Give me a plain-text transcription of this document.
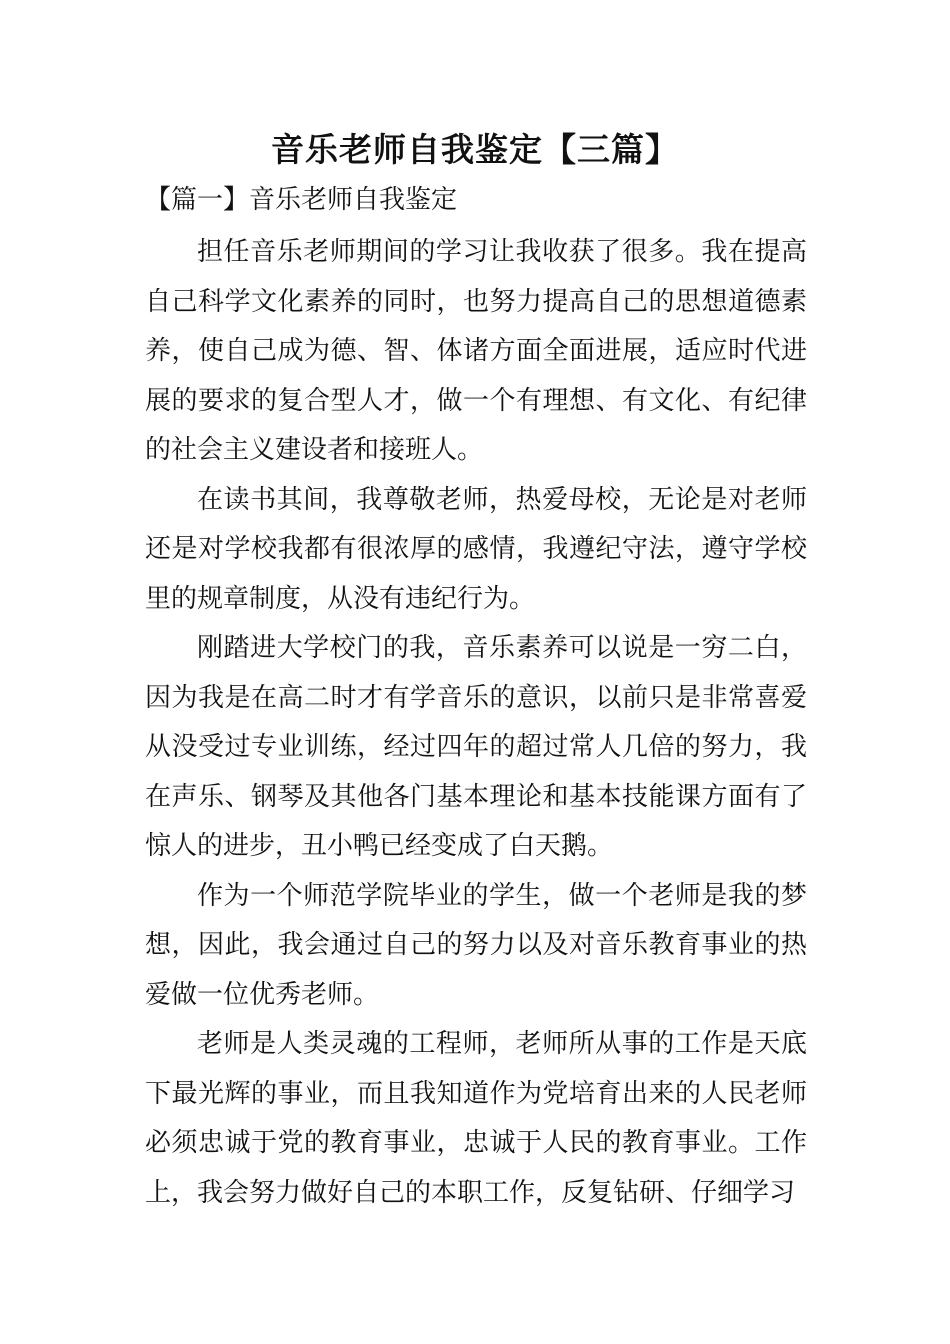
音乐老师自我鉴定【三篇】
【篇一】音乐老师自我鉴定

担任音乐老师期间的学习让我收获了很多。我在提高自己科学文化素养的同时，也努力提高自己的思想道德素养，使自己成为德、智、体诸方面全面进展，适应时代进展的要求的复合型人才，做一个有理想、有文化、有纪律的社会主义建设者和接班人。

在读书其间，我尊敬老师，热爱母校，无论是对老师还是对学校我都有很浓厚的感情，我遵纪守法，遵守学校里的规章制度，从没有违纪行为。

刚踏进大学校门的我，音乐素养可以说是一穷二白，因为我是在高二时才有学音乐的意识，以前只是非常喜爱从没受过专业训练，经过四年的超过常人几倍的努力，我在声乐、钢琴及其他各门基本理论和基本技能课方面有了惊人的进步，丑小鸭已经变成了白天鹅。

作为一个师范学院毕业的学生，做一个老师是我的梦想，因此，我会通过自己的努力以及对音乐教育事业的热爱做一位优秀老师。

老师是人类灵魂的工程师，老师所从事的工作是天底下最光辉的事业，而且我知道作为党培育出来的人民老师必须忠诚于党的教育事业，忠诚于人民的教育事业。工作上，我会努力做好自己的本职工作，反复钻研、仔细学习
